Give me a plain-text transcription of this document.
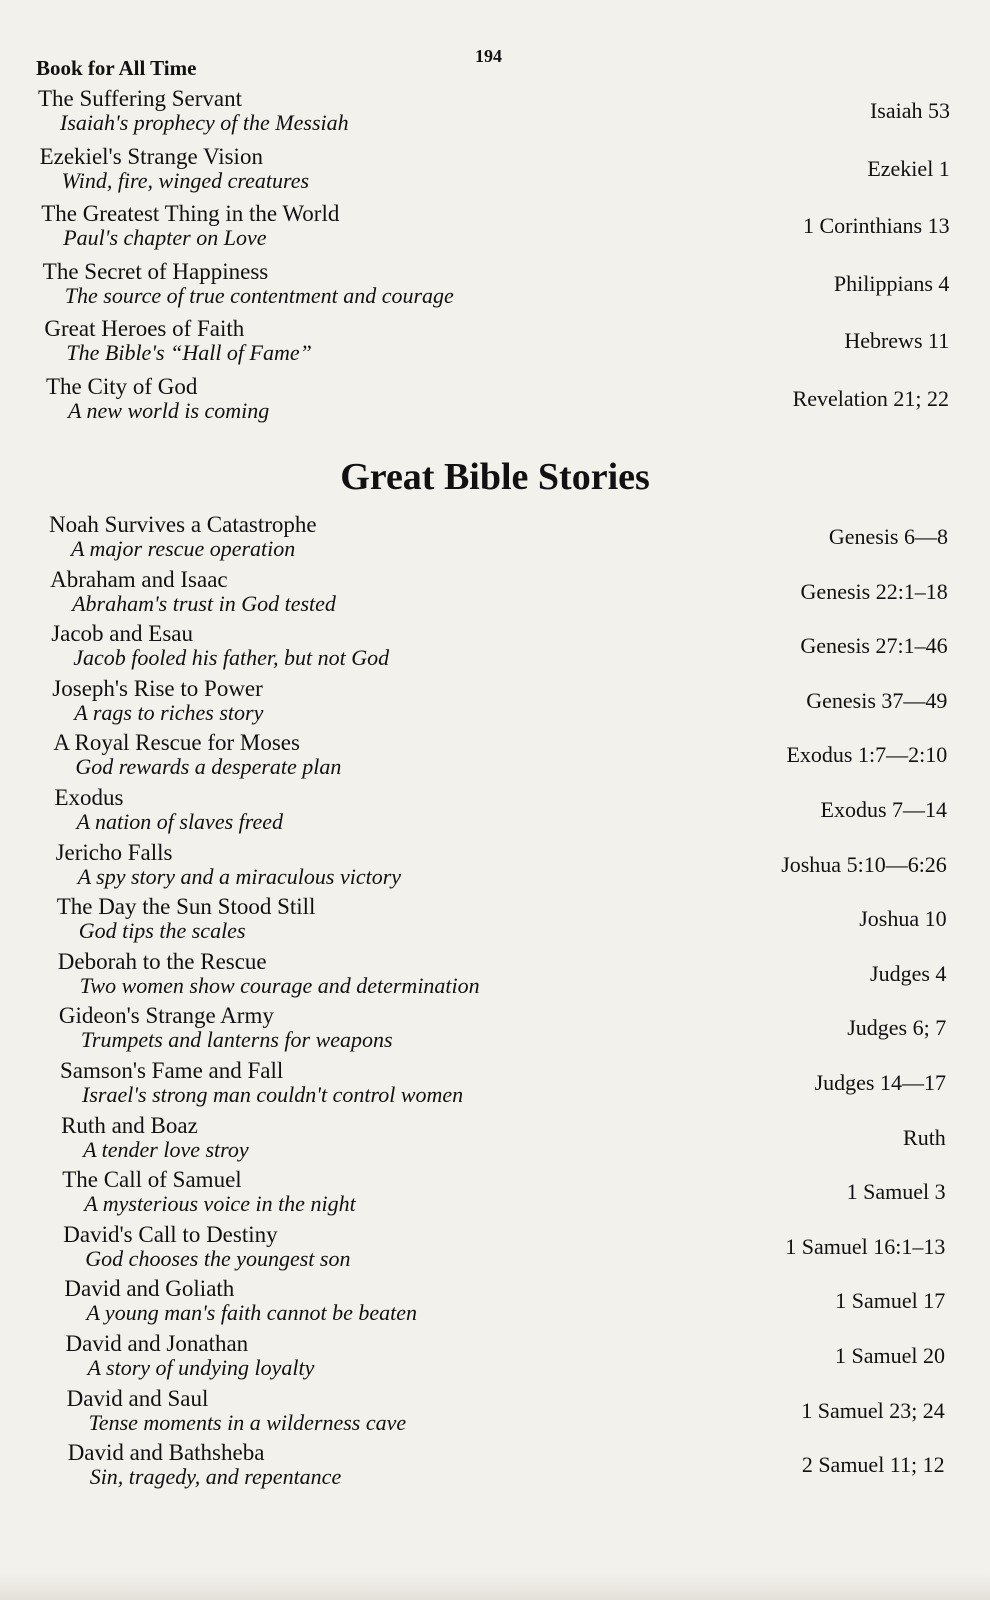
194
Book for All Time
The Suffering Servant
Isaiah's prophecy of the Messiah	Isaiah 53
Ezekiel's Strange Vision
Wind, fire, winged creatures	Ezekiel 1
The Greatest Thing in the World
Paul's chapter on Love	1 Corinthians 13
The Secret of Happiness
The source of true contentment and courage	Philippians 4
Great Heroes of Faith
The Bible's “Hall of Fame”	Hebrews 11
The City of God
A new world is coming	Revelation 21; 22
Great Bible Stories
Noah Survives a Catastrophe
A major rescue operation	Genesis 6—8
Abraham and Isaac
Abraham's trust in God tested	Genesis 22:1–18
Jacob and Esau
Jacob fooled his father, but not God	Genesis 27:1–46
Joseph's Rise to Power
A rags to riches story	Genesis 37—49
A Royal Rescue for Moses
God rewards a desperate plan	Exodus 1:7—2:10
Exodus
A nation of slaves freed	Exodus 7—14
Jericho Falls
A spy story and a miraculous victory	Joshua 5:10—6:26
The Day the Sun Stood Still
God tips the scales	Joshua 10
Deborah to the Rescue
Two women show courage and determination	Judges 4
Gideon's Strange Army
Trumpets and lanterns for weapons	Judges 6; 7
Samson's Fame and Fall
Israel's strong man couldn't control women	Judges 14—17
Ruth and Boaz
A tender love stroy	Ruth
The Call of Samuel
A mysterious voice in the night	1 Samuel 3
David's Call to Destiny
God chooses the youngest son	1 Samuel 16:1–13
David and Goliath
A young man's faith cannot be beaten	1 Samuel 17
David and Jonathan
A story of undying loyalty	1 Samuel 20
David and Saul
Tense moments in a wilderness cave	1 Samuel 23; 24
David and Bathsheba
Sin, tragedy, and repentance	2 Samuel 11; 12
